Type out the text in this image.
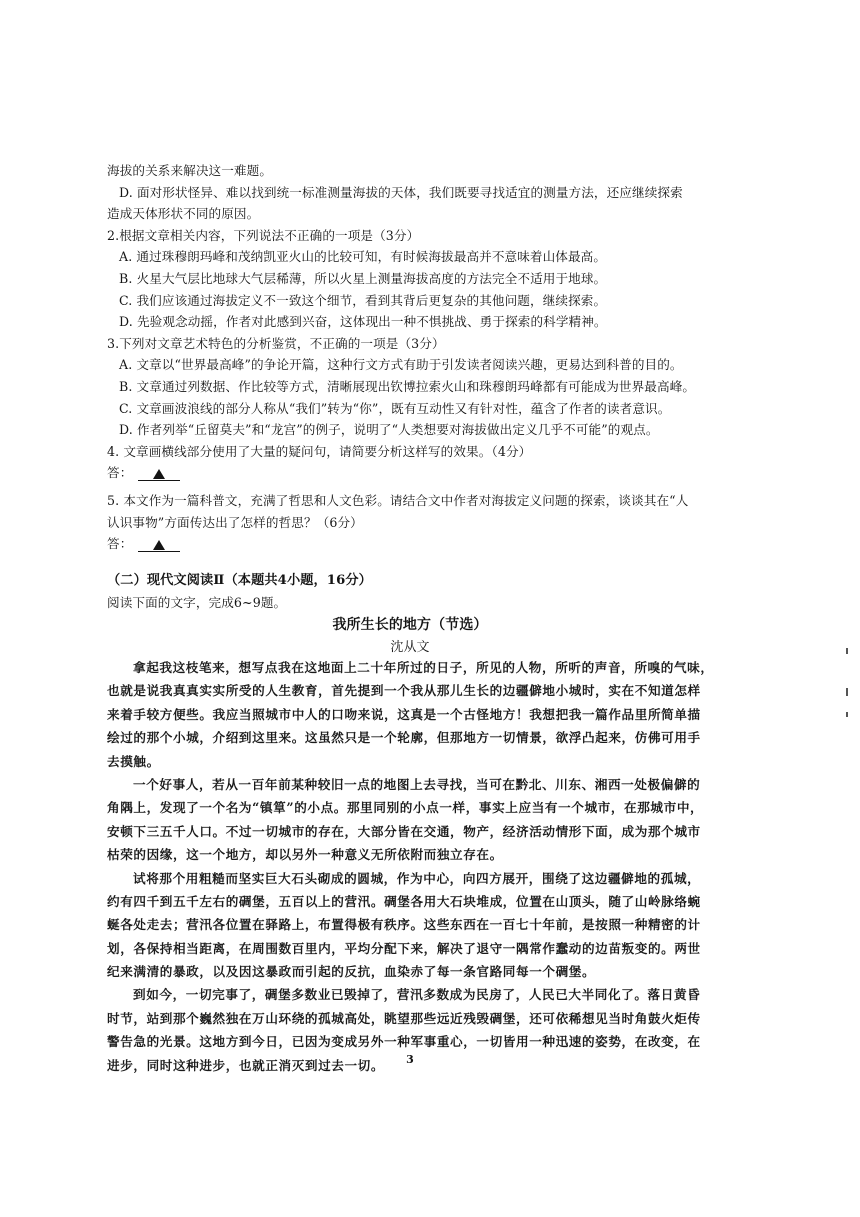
海拔的关系来解决这一难题。
D. 面对形状怪异、难以找到统一标准测量海拔的天体，我们既要寻找适宜的测量方法，还应继续探索
造成天体形状不同的原因。
2.根据文章相关内容，下列说法不正确的一项是（3分）
A. 通过珠穆朗玛峰和茂纳凯亚火山的比较可知，有时候海拔最高并不意味着山体最高。
B. 火星大气层比地球大气层稀薄，所以火星上测量海拔高度的方法完全不适用于地球。
C. 我们应该通过海拔定义不一致这个细节，看到其背后更复杂的其他问题，继续探索。
D. 先验观念动摇，作者对此感到兴奋，这体现出一种不惧挑战、勇于探索的科学精神。
3.下列对文章艺术特色的分析鉴赏，不正确的一项是（3分）
A. 文章以“世界最高峰”的争论开篇，这种行文方式有助于引发读者阅读兴趣，更易达到科普的目的。
B. 文章通过列数据、作比较等方式，清晰展现出钦博拉索火山和珠穆朗玛峰都有可能成为世界最高峰。
C. 文章画波浪线的部分人称从“我们”转为“你”，既有互动性又有针对性，蕴含了作者的读者意识。
D. 作者列举“丘留莫夫”和“龙宫”的例子，说明了“人类想要对海拔做出定义几乎不可能”的观点。
4. 文章画横线部分使用了大量的疑问句，请简要分析这样写的效果。（4分）
答：
5. 本文作为一篇科普文，充满了哲思和人文色彩。请结合文中作者对海拔定义问题的探索，谈谈其在“人
认识事物”方面传达出了怎样的哲思？（6分）
答：
（二）现代文阅读Ⅱ（本题共4小题，16分）
阅读下面的文字，完成6~9题。
我所生长的地方（节选）
沈从文
拿起我这枝笔来，想写点我在这地面上二十年所过的日子，所见的人物，所听的声音，所嗅的气味，
也就是说我真真实实所受的人生教育，首先提到一个我从那儿生长的边疆僻地小城时，实在不知道怎样
来着手较方便些。我应当照城市中人的口吻来说，这真是一个古怪地方！我想把我一篇作品里所简单描
绘过的那个小城，介绍到这里来。这虽然只是一个轮廓，但那地方一切情景，欲浮凸起来，仿佛可用手
去摸触。
一个好事人，若从一百年前某种较旧一点的地图上去寻找，当可在黔北、川东、湘西一处极偏僻的
角隅上，发现了一个名为“镇筸”的小点。那里同别的小点一样，事实上应当有一个城市，在那城市中，
安顿下三五千人口。不过一切城市的存在，大部分皆在交通，物产，经济活动情形下面，成为那个城市
枯荣的因缘，这一个地方，却以另外一种意义无所依附而独立存在。
试将那个用粗糙而坚实巨大石头砌成的圆城，作为中心，向四方展开，围绕了这边疆僻地的孤城，
约有四千到五千左右的碉堡，五百以上的营汛。碉堡各用大石块堆成，位置在山顶头，随了山岭脉络蜿
蜒各处走去；营汛各位置在驿路上，布置得极有秩序。这些东西在一百七十年前，是按照一种精密的计
划，各保持相当距离，在周围数百里内，平均分配下来，解决了退守一隅常作蠢动的边苗叛变的。两世
纪来满清的暴政，以及因这暴政而引起的反抗，血染赤了每一条官路同每一个碉堡。
到如今，一切完事了，碉堡多数业已毁掉了，营汛多数成为民房了，人民已大半同化了。落日黄昏
时节，站到那个巍然独在万山环绕的孤城高处，眺望那些远近残毁碉堡，还可依稀想见当时角鼓火炬传
警告急的光景。这地方到今日，已因为变成另外一种军事重心，一切皆用一种迅速的姿势，在改变，在
进步，同时这种进步，也就正消灭到过去一切。	3
